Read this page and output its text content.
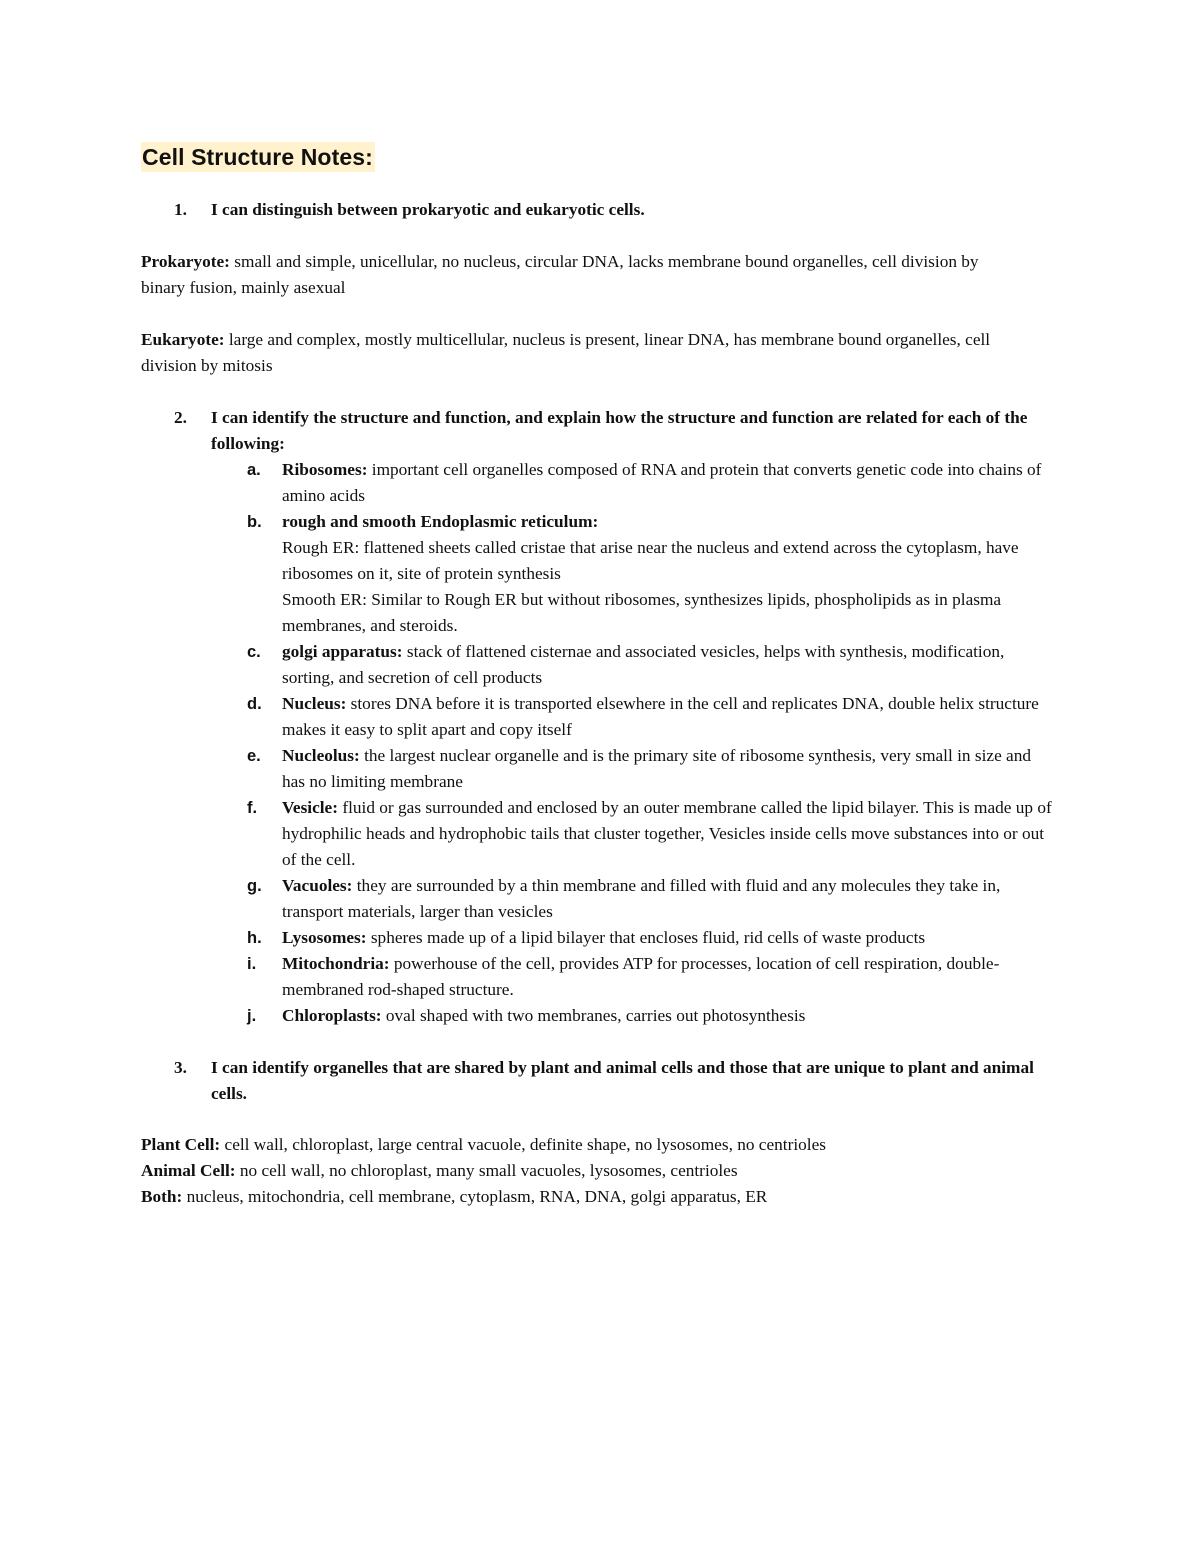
Cell Structure Notes:
1. I can distinguish between prokaryotic and eukaryotic cells.
Prokaryote: small and simple, unicellular, no nucleus, circular DNA, lacks membrane bound organelles, cell division by binary fusion, mainly asexual
Eukaryote: large and complex, mostly multicellular, nucleus is present, linear DNA, has membrane bound organelles, cell division by mitosis
2. I can identify the structure and function, and explain how the structure and function are related for each of the following:
a. Ribosomes: important cell organelles composed of RNA and protein that converts genetic code into chains of amino acids
b. rough and smooth Endoplasmic reticulum:
Rough ER: flattened sheets called cristae that arise near the nucleus and extend across the cytoplasm, have ribosomes on it, site of protein synthesis
Smooth ER: Similar to Rough ER but without ribosomes, synthesizes lipids, phospholipids as in plasma membranes, and steroids.
c. golgi apparatus: stack of flattened cisternae and associated vesicles, helps with synthesis, modification, sorting, and secretion of cell products
d. Nucleus: stores DNA before it is transported elsewhere in the cell and replicates DNA, double helix structure makes it easy to split apart and copy itself
e. Nucleolus: the largest nuclear organelle and is the primary site of ribosome synthesis, very small in size and has no limiting membrane
f. Vesicle: fluid or gas surrounded and enclosed by an outer membrane called the lipid bilayer. This is made up of hydrophilic heads and hydrophobic tails that cluster together, Vesicles inside cells move substances into or out of the cell.
g. Vacuoles: they are surrounded by a thin membrane and filled with fluid and any molecules they take in, transport materials, larger than vesicles
h. Lysosomes: spheres made up of a lipid bilayer that encloses fluid, rid cells of waste products
i. Mitochondria: powerhouse of the cell, provides ATP for processes, location of cell respiration, double-membraned rod-shaped structure.
j. Chloroplasts: oval shaped with two membranes, carries out photosynthesis
3. I can identify organelles that are shared by plant and animal cells and those that are unique to plant and animal cells.
Plant Cell: cell wall, chloroplast, large central vacuole, definite shape, no lysosomes, no centrioles
Animal Cell: no cell wall, no chloroplast, many small vacuoles, lysosomes, centrioles
Both: nucleus, mitochondria, cell membrane, cytoplasm, RNA, DNA, golgi apparatus, ER
